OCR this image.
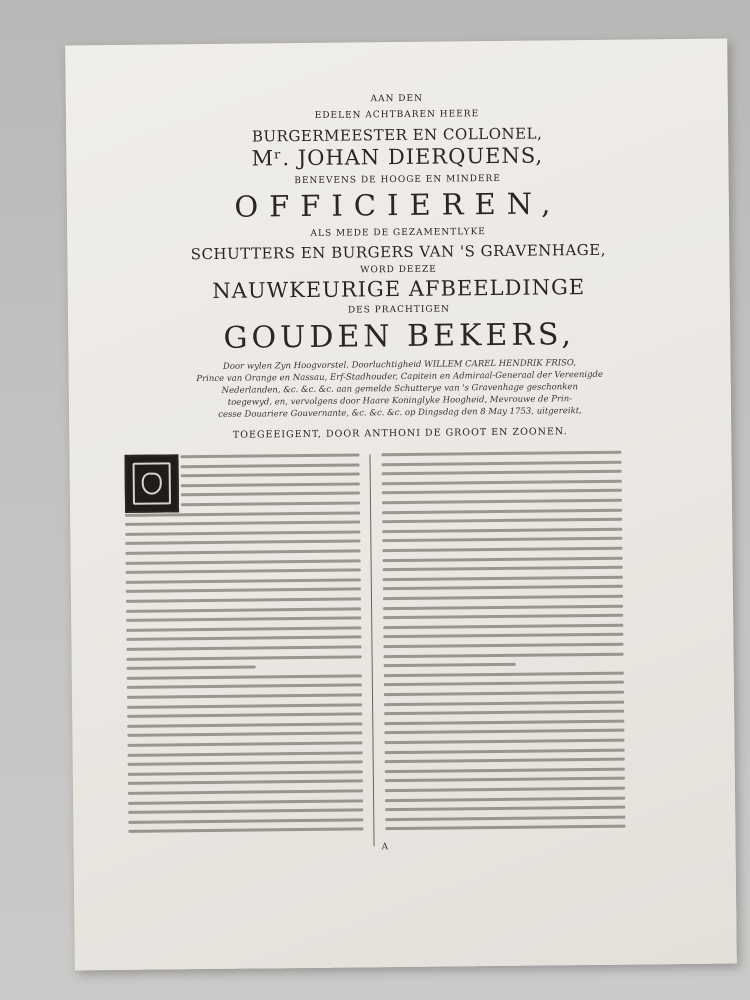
AAN DEN
EDELEN ACHTBAREN HEERE
BURGERMEESTER EN COLLONEL,
Mʳ. JOHAN DIERQUENS,
BENEVENS DE HOOGE EN MINDERE
OFFICIEREN,
ALS MEDE DE GEZAMENTLYKE
SCHUTTERS EN BURGERS VAN 'S GRAVENHAGE,
WORD DEEZE
NAUWKEURIGE AFBEELDINGE
DES PRACHTIGEN
GOUDEN BEKERS,
Door wylen Zyn Hoogvorstel. Doorluchtigheid WILLEM CAREL HENDRIK FRISO,
Prince van Orange en Nassau, Erf-Stadhouder, Capitein en Admiraal-Generaal der Vereenigde
Nederlanden, &c. &c. &c. aan gemelde Schutterye van 's Gravenhage geschonken
toegewyd, en, vervolgens door Haare Koninglyke Hoogheid, Mevrouwe de Prin-
cesse Douariere Gouvernante, &c. &c. &c. op Dingsdag den 8 May 1753, uitgereikt,
TOEGEEIGENT, DOOR ANTHONI DE GROOT EN ZOONEN.
A
